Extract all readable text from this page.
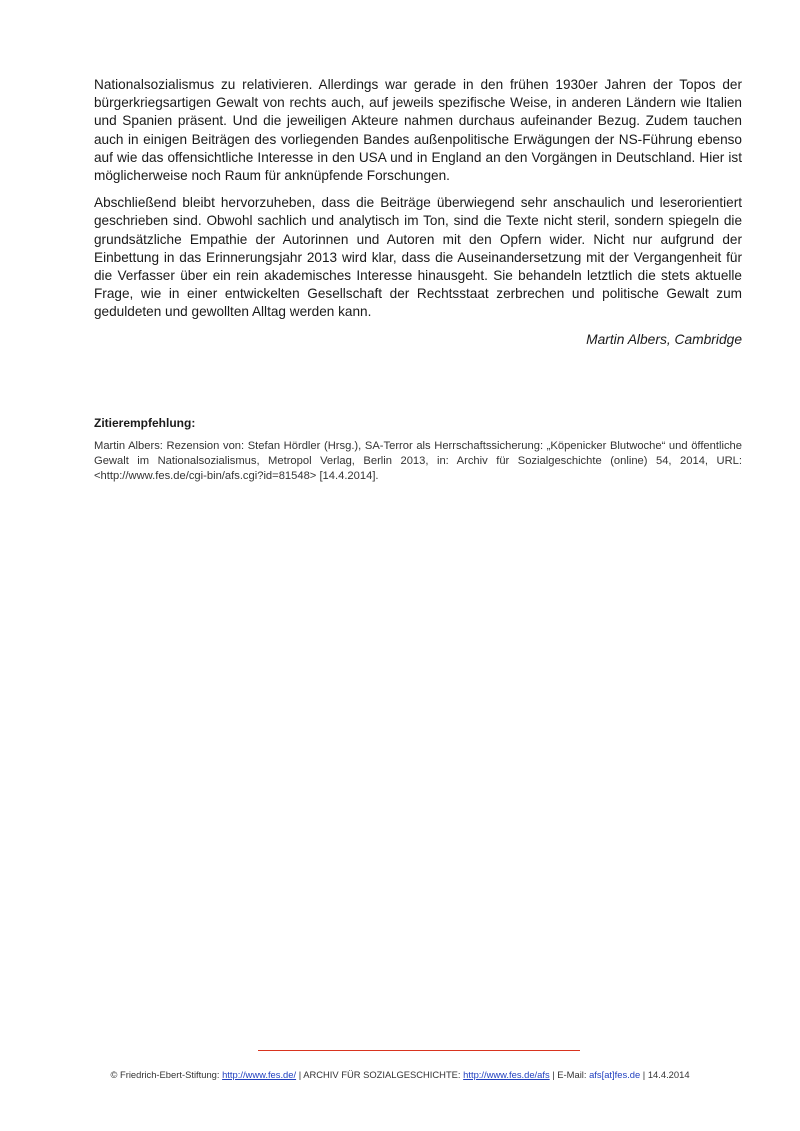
Nationalsozialismus zu relativieren. Allerdings war gerade in den frühen 1930er Jahren der Topos der bürgerkriegsartigen Gewalt von rechts auch, auf jeweils spezifische Weise, in anderen Ländern wie Italien und Spanien präsent. Und die jeweiligen Akteure nahmen durchaus aufeinander Bezug. Zudem tauchen auch in einigen Beiträgen des vorliegenden Bandes außenpolitische Erwägungen der NS-Führung ebenso auf wie das offensichtliche Interesse in den USA und in England an den Vorgängen in Deutschland. Hier ist möglicherweise noch Raum für anknüpfende Forschungen.

Abschließend bleibt hervorzuheben, dass die Beiträge überwiegend sehr anschaulich und leserorientiert geschrieben sind. Obwohl sachlich und analytisch im Ton, sind die Texte nicht steril, sondern spiegeln die grundsätzliche Empathie der Autorinnen und Autoren mit den Opfern wider. Nicht nur aufgrund der Einbettung in das Erinnerungsjahr 2013 wird klar, dass die Auseinandersetzung mit der Vergangenheit für die Verfasser über ein rein akademisches Interesse hinausgeht. Sie behandeln letztlich die stets aktuelle Frage, wie in einer entwickelten Gesellschaft der Rechtsstaat zerbrechen und politische Gewalt zum geduldeten und gewollten Alltag werden kann.

Martin Albers, Cambridge

Zitierempfehlung:

Martin Albers: Rezension von: Stefan Hördler (Hrsg.), SA-Terror als Herrschaftssicherung: „Köpenicker Blutwoche“ und öffentliche Gewalt im Nationalsozialismus, Metropol Verlag, Berlin 2013, in: Archiv für Sozialgeschichte (online) 54, 2014, URL: <http://www.fes.de/cgi-bin/afs.cgi?id=81548> [14.4.2014].

© Friedrich-Ebert-Stiftung: http://www.fes.de/ | ARCHIV FÜR SOZIALGESCHICHTE: http://www.fes.de/afs | E-Mail: afs[at]fes.de | 14.4.2014
